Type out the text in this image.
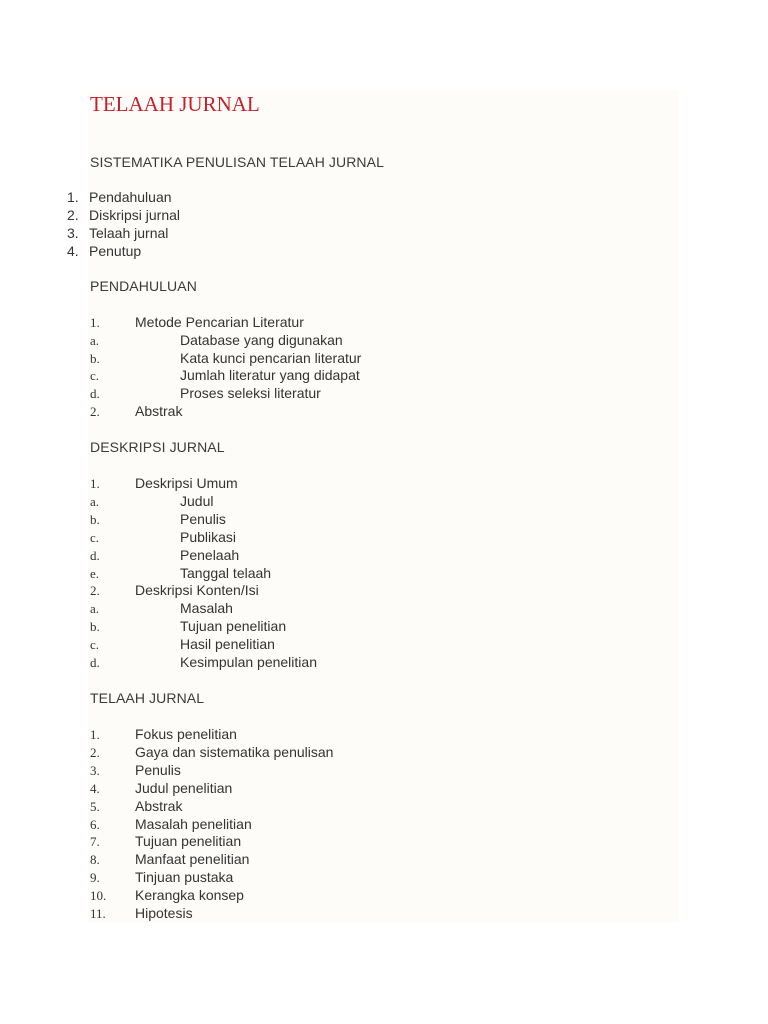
TELAAH JURNAL
SISTEMATIKA PENULISAN TELAAH JURNAL
1. Pendahuluan
2. Diskripsi jurnal
3. Telaah jurnal
4. Penutup
PENDAHULUAN
1.	Metode Pencarian Literatur
a.	Database yang digunakan
b.	Kata kunci pencarian literatur
c.	Jumlah literatur yang didapat
d.	Proses seleksi literatur
2.	Abstrak
DESKRIPSI JURNAL
1.	Deskripsi Umum
a.	Judul
b.	Penulis
c.	Publikasi
d.	Penelaah
e.	Tanggal telaah
2.	Deskripsi Konten/Isi
a.	Masalah
b.	Tujuan penelitian
c.	Hasil penelitian
d.	Kesimpulan penelitian
TELAAH JURNAL
1.	Fokus penelitian
2.	Gaya dan sistematika penulisan
3.	Penulis
4.	Judul penelitian
5.	Abstrak
6.	Masalah penelitian
7.	Tujuan penelitian
8.	Manfaat penelitian
9.	Tinjuan pustaka
10. Kerangka konsep
11. Hipotesis
